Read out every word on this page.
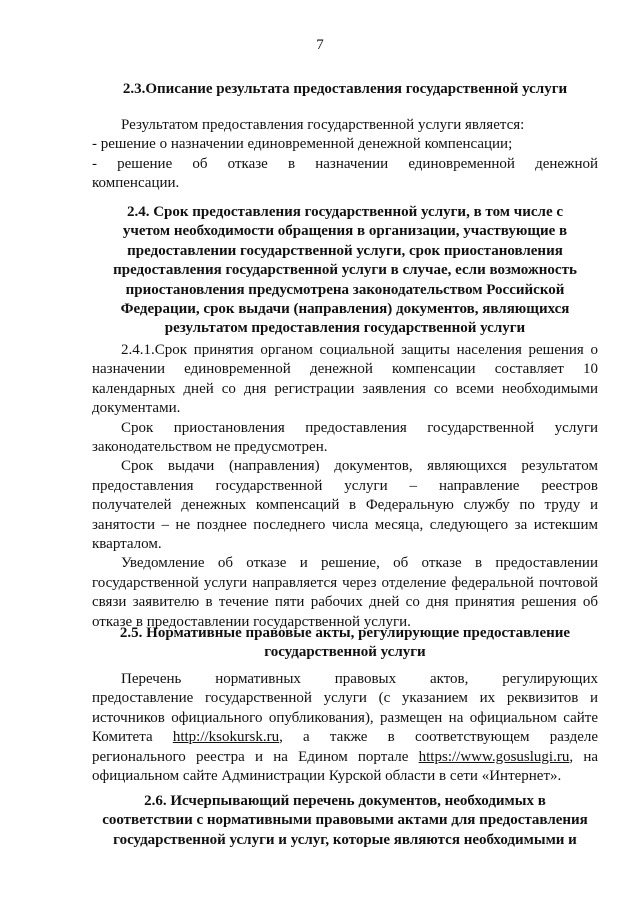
7
2.3.Описание результата предоставления государственной услуги

Результатом предоставления государственной услуги является:

- решение о назначении единовременной денежной компенсации;

- решение об отказе в назначении единовременной денежной

компенсации.

2.4. Срок предоставления государственной услуги, в том числе с

учетом необходимости обращения в организации, участвующие в

предоставлении государственной услуги, срок приостановления

предоставления государственной услуги в случае, если возможность

приостановления предусмотрена законодательством Российской

Федерации, срок выдачи (направления) документов, являющихся

результатом предоставления государственной услуги

2.4.1.Срок принятия органом социальной защиты населения решения о

назначении единовременной денежной компенсации составляет 10

календарных дней со дня регистрации заявления со всеми необходимыми

документами.

Срок приостановления предоставления государственной услуги

законодательством не предусмотрен.

Срок выдачи (направления) документов, являющихся результатом

предоставления государственной услуги – направление реестров

получателей денежных компенсаций в Федеральную службу по труду и

занятости – не позднее последнего числа месяца, следующего за истекшим

кварталом.

Уведомление об отказе и решение, об отказе в предоставлении

государственной услуги направляется через отделение федеральной почтовой

связи заявителю в течение пяти рабочих дней со дня принятия решения об

отказе в предоставлении государственной услуги.

2.5. Нормативные правовые акты, регулирующие предоставление

государственной услуги

Перечень нормативных правовых актов, регулирующих

предоставление государственной услуги (с указанием их реквизитов и

источников официального опубликования), размещен на официальном сайте

Комитета http://ksokursk.ru, а также в соответствующем разделе

регионального реестра и на Едином портале https://www.gosuslugi.ru, на

официальном сайте Администрации Курской области в сети «Интернет».

2.6. Исчерпывающий перечень документов, необходимых в

соответствии с нормативными правовыми актами для предоставления

государственной услуги и услуг, которые являются необходимыми и
